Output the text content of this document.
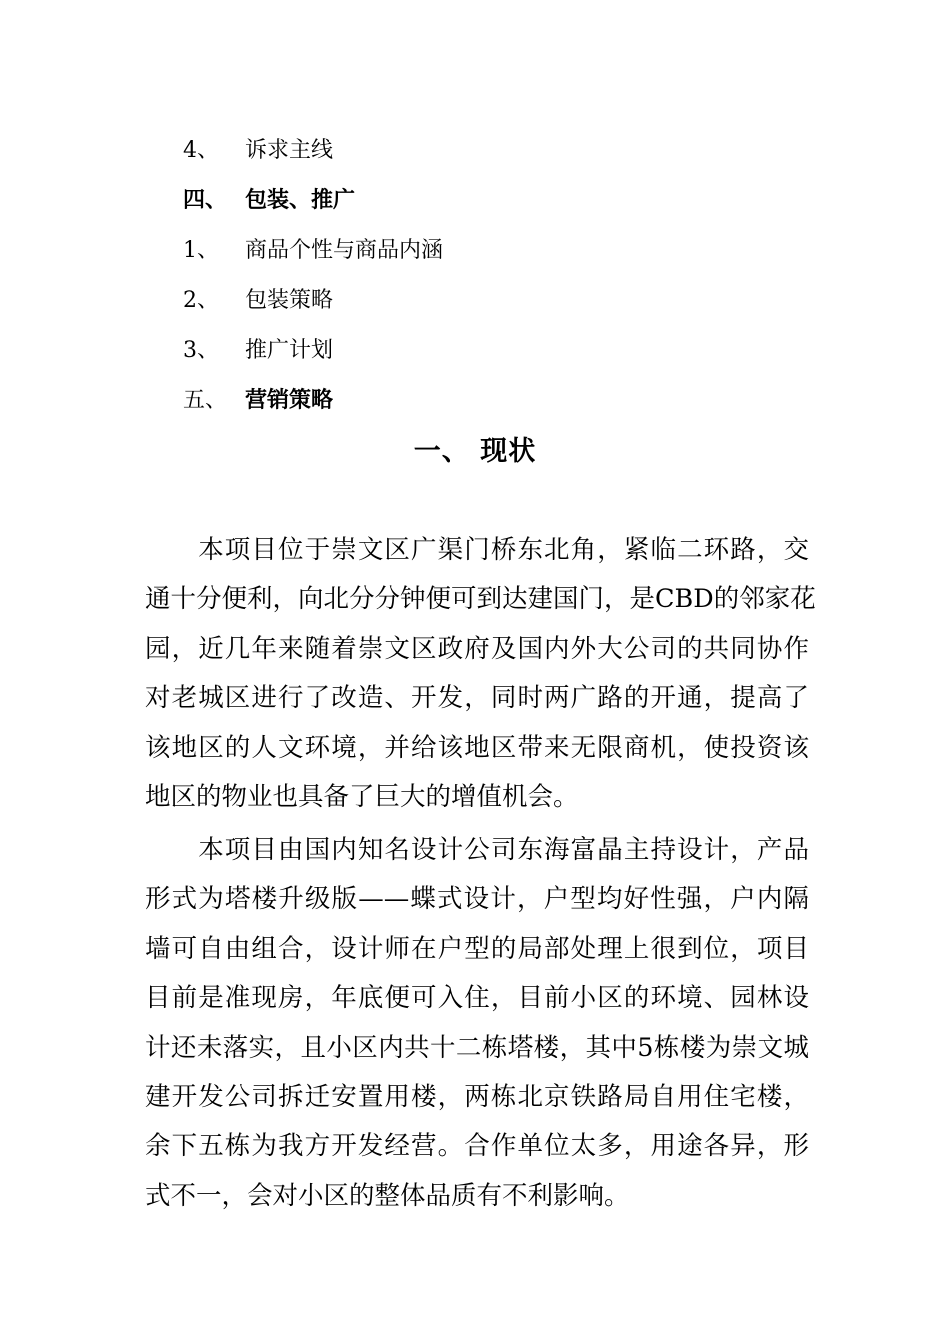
4、 诉求主线
四、 包装、推广
1、 商品个性与商品内涵
2、 包装策略
3、 推广计划
五、 营销策略
一、 现状
　　本项目位于崇文区广渠门桥东北角，紧临二环路，交
通十分便利，向北分分钟便可到达建国门，是CBD的邻家花
园，近几年来随着崇文区政府及国内外大公司的共同协作
对老城区进行了改造、开发，同时两广路的开通，提高了
该地区的人文环境，并给该地区带来无限商机，使投资该
地区的物业也具备了巨大的增值机会。
　　本项目由国内知名设计公司东海富晶主持设计，产品
形式为塔楼升级版——蝶式设计，户型均好性强，户内隔
墙可自由组合，设计师在户型的局部处理上很到位，项目
目前是准现房，年底便可入住，目前小区的环境、园林设
计还未落实，且小区内共十二栋塔楼，其中5栋楼为崇文城
建开发公司拆迁安置用楼，两栋北京铁路局自用住宅楼，
余下五栋为我方开发经营。合作单位太多，用途各异，形
式不一，会对小区的整体品质有不利影响。
